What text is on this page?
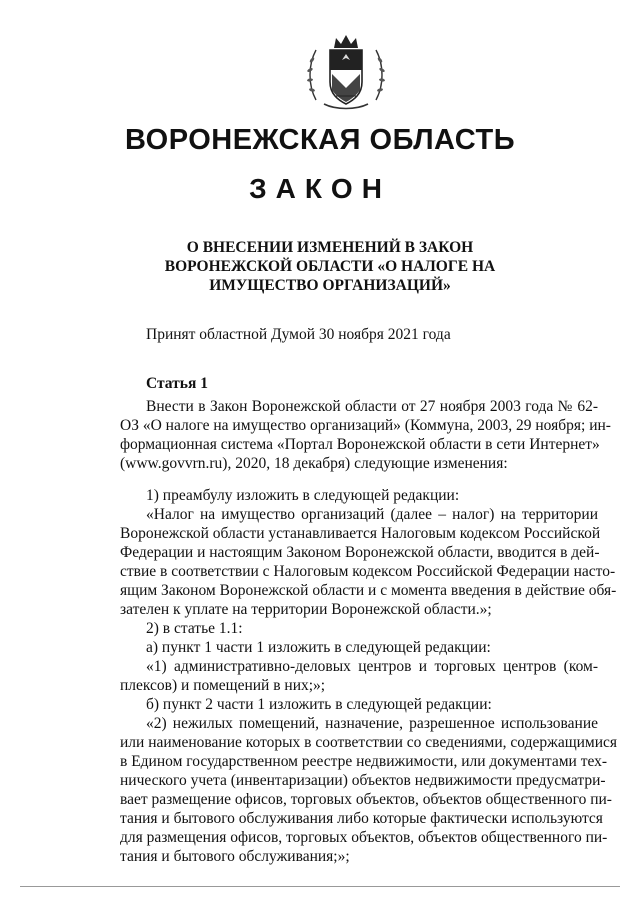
ВОРОНЕЖСКАЯ ОБЛАСТЬ
ЗАКОН
О ВНЕСЕНИИ ИЗМЕНЕНИЙ В ЗАКОН
ВОРОНЕЖСКОЙ ОБЛАСТИ «О НАЛОГЕ НА
ИМУЩЕСТВО ОРГАНИЗАЦИЙ»
Принят областной Думой 30 ноября 2021 года
Статья 1
Внести в Закон Воронежской области от 27 ноября 2003 года № 62-
ОЗ «О налоге на имущество организаций» (Коммуна, 2003, 29 ноября; ин-
формационная система «Портал Воронежской области в сети Интернет»
(www.govvrn.ru), 2020, 18 декабря) следующие изменения:
1) преамбулу изложить в следующей редакции:
«Налог на имущество организаций (далее – налог) на территории
Воронежской области устанавливается Налоговым кодексом Российской
Федерации и настоящим Законом Воронежской области, вводится в дей-
ствие в соответствии с Налоговым кодексом Российской Федерации насто-
ящим Законом Воронежской области и с момента введения в действие обя-
зателен к уплате на территории Воронежской области.»;
2) в статье 1.1:
а) пункт 1 части 1 изложить в следующей редакции:
«1) административно-деловых центров и торговых центров (ком-
плексов) и помещений в них;»;
б) пункт 2 части 1 изложить в следующей редакции:
«2) нежилых помещений, назначение, разрешенное использование
или наименование которых в соответствии со сведениями, содержащимися
в Едином государственном реестре недвижимости, или документами тех-
нического учета (инвентаризации) объектов недвижимости предусматри-
вает размещение офисов, торговых объектов, объектов общественного пи-
тания и бытового обслуживания либо которые фактически используются
для размещения офисов, торговых объектов, объектов общественного пи-
тания и бытового обслуживания;»;
